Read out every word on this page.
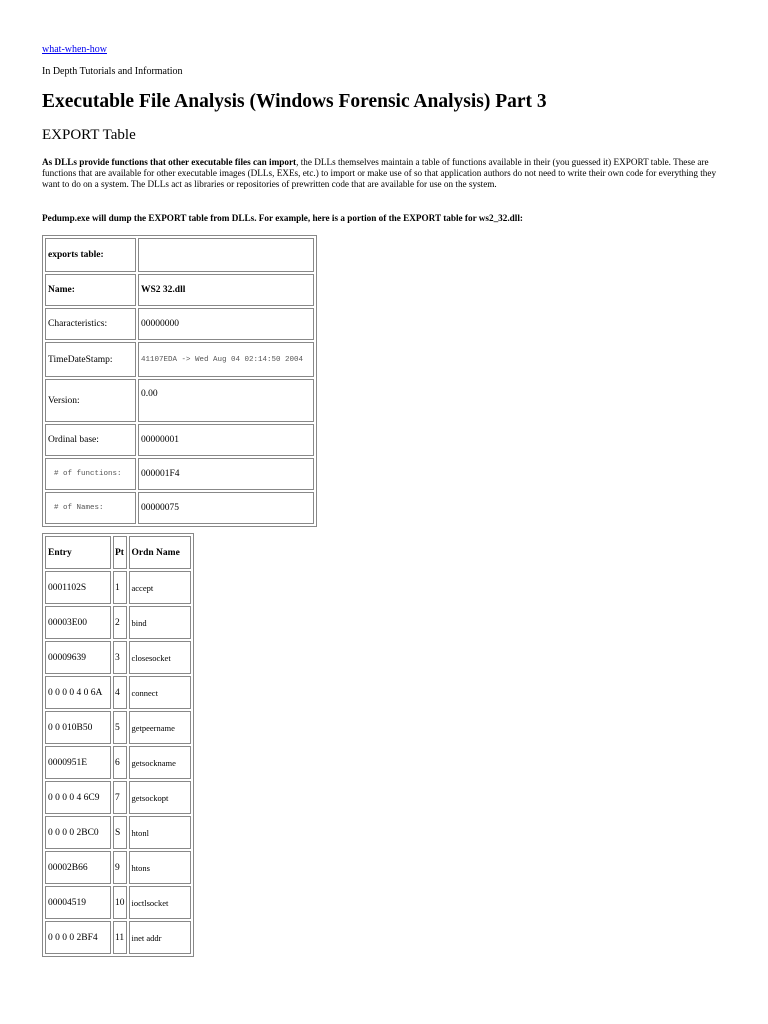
what-when-how
In Depth Tutorials and Information
Executable File Analysis (Windows Forensic Analysis) Part 3
EXPORT Table

As DLLs provide functions that other executable files can import, the DLLs themselves maintain a table of functions available in their (you guessed it) EXPORT table. These are functions that are available for other executable images (DLLs, EXEs, etc.) to import or make use of so that application authors do not need to write their own code for everything they want to do on a system. The DLLs act as libraries or repositories of prewritten code that are available for use on the system.

Pedump.exe will dump the EXPORT table from DLLs. For example, here is a portion of the EXPORT table for ws2_32.dll:

exports table:	
Name:	WS2 32.dll
Characteristics:	00000000
TimeDateStamp:	41107EDA -> Wed Aug 04 02:14:50 2004
Version:	0.00
Ordinal base:	00000001
# of functions:	000001F4
# of Names:	00000075
Entry	Pt	Ordn Name
0001102S	1	accept
00003E00	2	bind
00009639	3	closesocket
0 0 0 0 4 0 6A	4	connect
0 0 010B50	5	getpeername
0000951E	6	getsockname
0 0 0 0 4 6C9	7	getsockopt
0 0 0 0 2BC0	S	htonl
00002B66	9	htons
00004519	10	ioctlsocket
0 0 0 0 2BF4	11	inet addr
